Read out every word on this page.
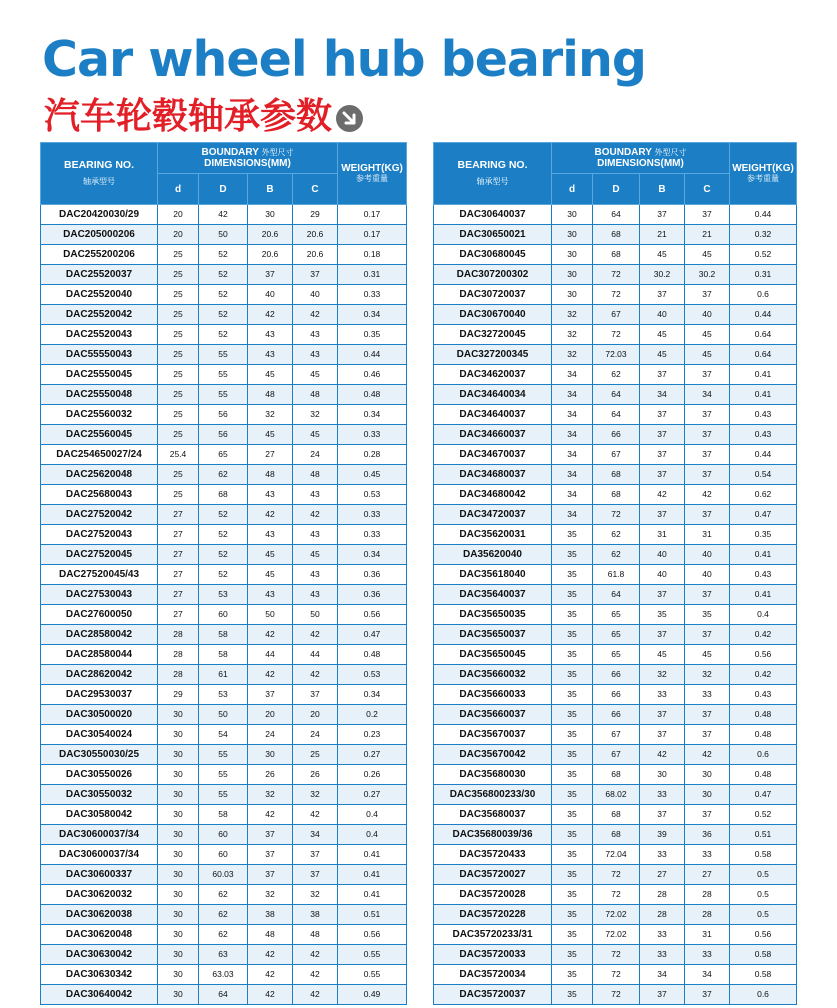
Car wheel hub bearing
汽车轮毂轴承参数
BEARING NO.
轴承型号	BOUNDARY 外型尺寸
DIMENSIONS(MM)				WEIGHT(KG)
参考重量

	d	D	B	C	
DAC20420030/29	20	42	30	29	0.17
DAC205000206	20	50	20.6	20.6	0.17
DAC255200206	25	52	20.6	20.6	0.18
DAC25520037	25	52	37	37	0.31
DAC25520040	25	52	40	40	0.33
DAC25520042	25	52	42	42	0.34
DAC25520043	25	52	43	43	0.35
DAC55550043	25	55	43	43	0.44
DAC25550045	25	55	45	45	0.46
DAC25550048	25	55	48	48	0.48
DAC25560032	25	56	32	32	0.34
DAC25560045	25	56	45	45	0.33
DAC254650027/24	25.4	65	27	24	0.28
DAC25620048	25	62	48	48	0.45
DAC25680043	25	68	43	43	0.53
DAC27520042	27	52	42	42	0.33
DAC27520043	27	52	43	43	0.33
DAC27520045	27	52	45	45	0.34
DAC27520045/43	27	52	45	43	0.36
DAC27530043	27	53	43	43	0.36
DAC27600050	27	60	50	50	0.56
DAC28580042	28	58	42	42	0.47
DAC28580044	28	58	44	44	0.48
DAC28620042	28	61	42	42	0.53
DAC29530037	29	53	37	37	0.34
DAC30500020	30	50	20	20	0.2
DAC30540024	30	54	24	24	0.23
DAC30550030/25	30	55	30	25	0.27
DAC30550026	30	55	26	26	0.26
DAC30550032	30	55	32	32	0.27
DAC30580042	30	58	42	42	0.4
DAC30600037/34	30	60	37	34	0.4
DAC30600037/34	30	60	37	37	0.41
DAC30600337	30	60.03	37	37	0.41
DAC30620032	30	62	32	32	0.41
DAC30620038	30	62	38	38	0.51
DAC30620048	30	62	48	48	0.56
DAC30630042	30	63	42	42	0.55
DAC30630342	30	63.03	42	42	0.55
DAC30640042	30	64	42	42	0.49
BEARING NO.
轴承型号	BOUNDARY 外型尺寸
DIMENSIONS(MM)				WEIGHT(KG)
参考重量

	d	D	B	C	
DAC30640037	30	64	37	37	0.44
DAC30650021	30	68	21	21	0.32
DAC30680045	30	68	45	45	0.52
DAC307200302	30	72	30.2	30.2	0.31
DAC30720037	30	72	37	37	0.6
DAC30670040	32	67	40	40	0.44
DAC32720045	32	72	45	45	0.64
DAC327200345	32	72.03	45	45	0.64
DAC34620037	34	62	37	37	0.41
DAC34640034	34	64	34	34	0.41
DAC34640037	34	64	37	37	0.43
DAC34660037	34	66	37	37	0.43
DAC34670037	34	67	37	37	0.44
DAC34680037	34	68	37	37	0.54
DAC34680042	34	68	42	42	0.62
DAC34720037	34	72	37	37	0.47
DAC35620031	35	62	31	31	0.35
DA35620040	35	62	40	40	0.41
DAC35618040	35	61.8	40	40	0.43
DAC35640037	35	64	37	37	0.41
DAC35650035	35	65	35	35	0.4
DAC35650037	35	65	37	37	0.42
DAC35650045	35	65	45	45	0.56
DAC35660032	35	66	32	32	0.42
DAC35660033	35	66	33	33	0.43
DAC35660037	35	66	37	37	0.48
DAC35670037	35	67	37	37	0.48
DAC35670042	35	67	42	42	0.6
DAC35680030	35	68	30	30	0.48
DAC356800233/30	35	68.02	33	30	0.47
DAC35680037	35	68	37	37	0.52
DAC35680039/36	35	68	39	36	0.51
DAC35720433	35	72.04	33	33	0.58
DAC35720027	35	72	27	27	0.5
DAC35720028	35	72	28	28	0.5
DAC35720228	35	72.02	28	28	0.5
DAC35720233/31	35	72.02	33	31	0.56
DAC35720033	35	72	33	33	0.58
DAC35720034	35	72	34	34	0.58
DAC35720037	35	72	37	37	0.6
